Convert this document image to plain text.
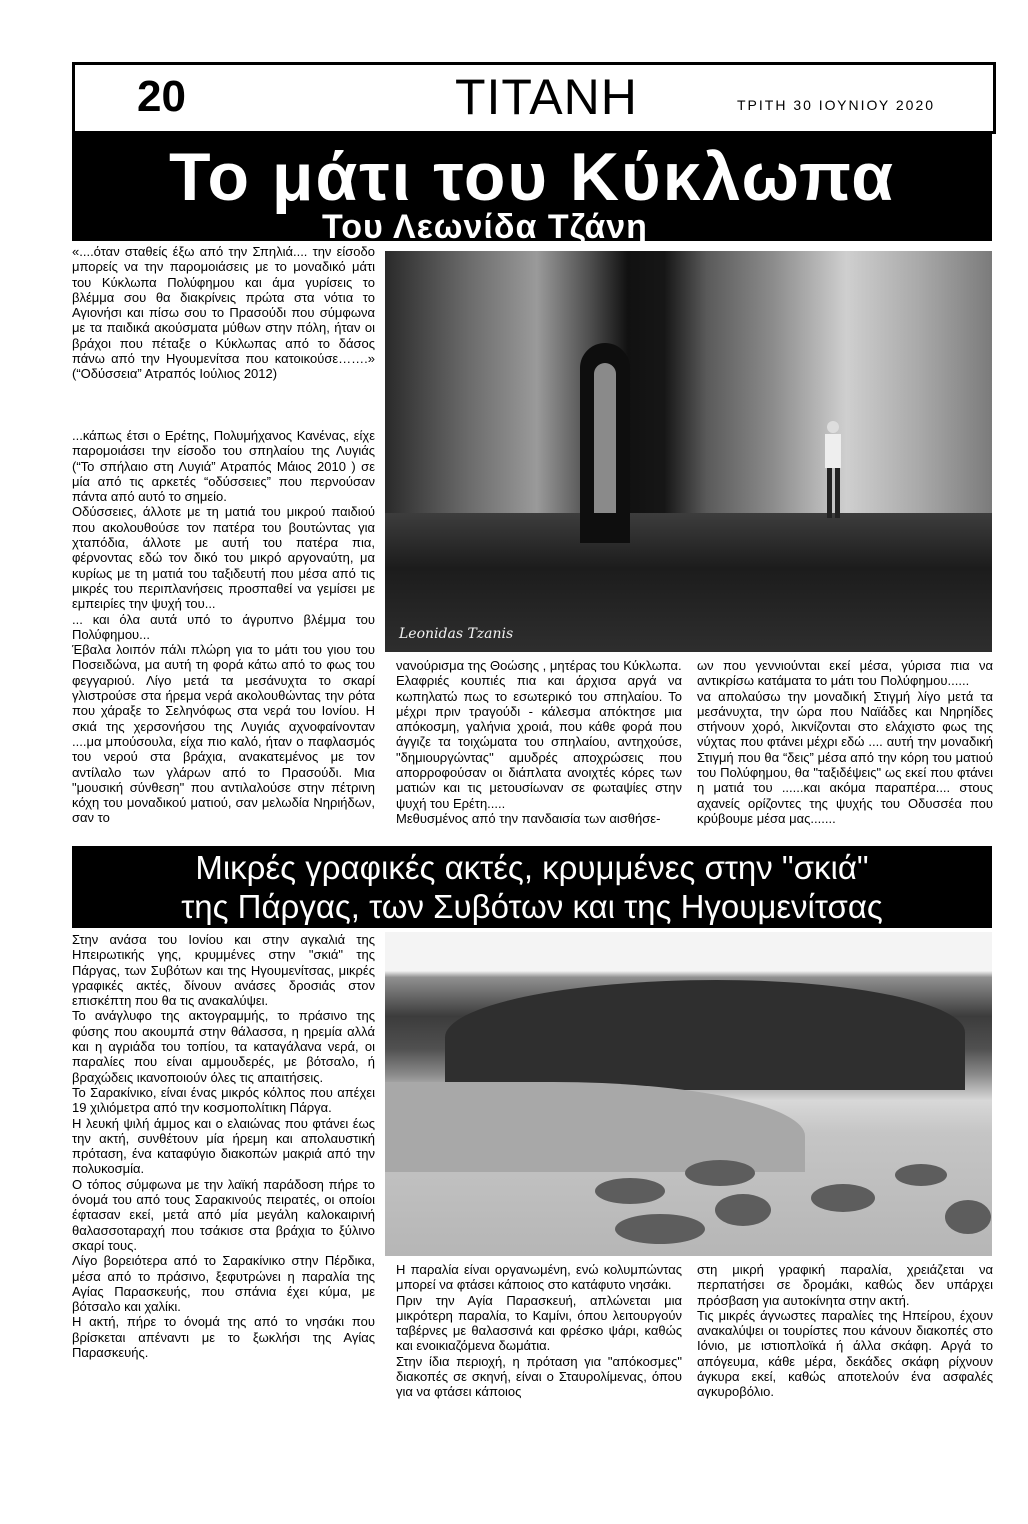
20	ΤΙΤΑΝΗ	ΤΡΙΤΗ 30 ΙΟΥΝΙΟΥ 2020
Το μάτι του Κύκλωπα
Του Λεωνίδα Τζάνη

«....όταν σταθείς έξω από την Σπηλιά.... την είσοδο μπορείς να την παρομοιάσεις με το μοναδικό μάτι του Κύκλωπα Πολύφημου και άμα γυρίσεις το βλέμμα σου θα διακρίνεις πρώτα στα νότια το Αγιονήσι και πίσω σου το Πρασούδι που σύμφωνα με τα παιδικά ακούσματα μύθων στην πόλη, ήταν οι βράχοι που πέταξε ο Κύκλωπας από το δάσος πάνω από την Ηγουμενίτσα που κατοικούσε…….» (“Οδύσσεια” Ατραπός Ιούλιος 2012)

...κάπως έτσι ο Ερέτης, Πολυμήχανος Κανένας, είχε παρομοιάσει την είσοδο του σπηλαίου της Λυγιάς (“Το σπήλαιο στη Λυγιά” Ατραπός Μάιος 2010 ) σε μία από τις αρκετές “οδύσσειες” που περνούσαν πάντα από αυτό το σημείο.

Οδύσσειες, άλλοτε με τη ματιά του μικρού παιδιού που ακολουθούσε τον πατέρα του βουτώντας για χταπόδια, άλλοτε με αυτή του πατέρα πια, φέρνοντας εδώ τον δικό του μικρό αργοναύτη, μα κυρίως με τη ματιά του ταξιδευτή που μέσα από τις μικρές του περιπλανήσεις προσπαθεί να γεμίσει με εμπειρίες την ψυχή του...

... και όλα αυτά υπό το άγρυπνο βλέμμα του Πολύφημου...

Έβαλα λοιπόν πάλι πλώρη για το μάτι του γιου του Ποσειδώνα, μα αυτή τη φορά κάτω από το φως του φεγγαριού. Λίγο μετά τα μεσάνυχτα το σκαρί γλιστρούσε στα ήρεμα νερά ακολουθώντας την ρότα που χάραξε το Σεληνόφως στα νερά του Ιονίου. Η σκιά της χερσονήσου της Λυγιάς αχνοφαίνονταν ....μα μπούσουλα, είχα πιο καλό, ήταν ο παφλασμός του νερού στα βράχια, ανακατεμένος με τον αντίλαλο των γλάρων από το Πρασούδι. Μια "μουσική σύνθεση" που αντιλαλούσε στην πέτρινη κόχη του μοναδικού ματιού, σαν μελωδία Νηριήδων, σαν το

Leonidas Tzanis

νανούρισμα της Θοώσης , μητέρας του Κύκλωπα.

Ελαφριές κουπιές πια και άρχισα αργά να κωπηλατώ πως το εσωτερικό του σπηλαίου. Το μέχρι πριν τραγούδι - κάλεσμα απόκτησε μια απόκοσμη, γαλήνια χροιά, που κάθε φορά που άγγιζε τα τοιχώματα του σπηλαίου, αντηχούσε, "δημιουργώντας" αμυδρές αποχρώσεις που απορροφούσαν οι διάπλατα ανοιχτές κόρες των ματιών και τις μετουσίωναν σε φωταψίες στην ψυχή του Ερέτη.....

Μεθυσμένος από την πανδαισία των αισθήσε-

ων που γεννιούνται εκεί μέσα, γύρισα πια να αντικρίσω κατάματα το μάτι του Πολύφημου......

να απολαύσω την μοναδική Στιγμή λίγο μετά τα μεσάνυχτα, την ώρα που Ναϊάδες και Νηρηίδες στήνουν χορό, λικνίζονται στο ελάχιστο φως της νύχτας που φτάνει μέχρι εδώ .... αυτή την μοναδική Στιγμή που θα “δεις” μέσα από την κόρη του ματιού του Πολύφημου, θα "ταξιδέψεις" ως εκεί που φτάνει η ματιά του ......και ακόμα παραπέρα.... στους αχανείς ορίζοντες της ψυχής του Οδυσσέα που κρύβουμε μέσα μας.......

Μικρές γραφικές ακτές, κρυμμένες στην "σκιά"
της Πάργας, των Συβότων και της Ηγουμενίτσας

Στην ανάσα του Ιονίου και στην αγκαλιά της Ηπειρωτικής γης, κρυμμένες στην "σκιά" της Πάργας, των Συβότων και της Ηγουμενίτσας, μικρές γραφικές ακτές, δίνουν ανάσες δροσιάς στον επισκέπτη που θα τις ανακαλύψει.

Το ανάγλυφο της ακτογραμμής, το πράσινο της φύσης που ακουμπά στην θάλασσα, η ηρεμία αλλά και η αγριάδα του τοπίου, τα καταγάλανα νερά, οι παραλίες που είναι αμμουδερές, με βότσαλο, ή βραχώδεις ικανοποιούν όλες τις απαιτήσεις.

Το Σαρακίνικο, είναι ένας μικρός κόλπος που απέχει 19 χιλιόμετρα από την κοσμοπολίτικη Πάργα.

Η λευκή ψιλή άμμος και ο ελαιώνας που φτάνει έως την ακτή, συνθέτουν μία ήρεμη και απολαυστική πρόταση, ένα καταφύγιο διακοπών μακριά από την πολυκοσμία.

Ο τόπος σύμφωνα με την λαϊκή παράδοση πήρε το όνομά του από τους Σαρακινούς πειρατές, οι οποίοι έφτασαν εκεί, μετά από μία μεγάλη καλοκαιρινή θαλασσοταραχή που τσάκισε στα βράχια το ξύλινο σκαρί τους.

Λίγο βορειότερα από το Σαρακίνικο στην Πέρδικα, μέσα από το πράσινο, ξεφυτρώνει η παραλία της Αγίας Παρασκευής, που σπάνια έχει κύμα, με βότσαλο και χαλίκι.

Η ακτή, πήρε το όνομά της από το νησάκι που βρίσκεται απέναντι με το ξωκλήσι της Αγίας Παρασκευής.

Η παραλία είναι οργανωμένη, ενώ κολυμπώντας μπορεί να φτάσει κάποιος στο κατάφυτο νησάκι.

Πριν την Αγία Παρασκευή, απλώνεται μια μικρότερη παραλία, το Καμίνι, όπου λειτουργούν ταβέρνες με θαλασσινά και φρέσκο ψάρι, καθώς και ενοικιαζόμενα δωμάτια.

Στην ίδια περιοχή, η πρόταση για "απόκοσμες" διακοπές σε σκηνή, είναι ο Σταυρολίμενας, όπου για να φτάσει κάποιος

στη μικρή γραφική παραλία, χρειάζεται να περπατήσει σε δρομάκι, καθώς δεν υπάρχει πρόσβαση για αυτοκίνητα στην ακτή.

Τις μικρές άγνωστες παραλίες της Ηπείρου, έχουν ανακαλύψει οι τουρίστες που κάνουν διακοπές στο Ιόνιο, με ιστιοπλοϊκά ή άλλα σκάφη. Αργά το απόγευμα, κάθε μέρα, δεκάδες σκάφη ρίχνουν άγκυρα εκεί, καθώς αποτελούν ένα ασφαλές αγκυροβόλιο.
